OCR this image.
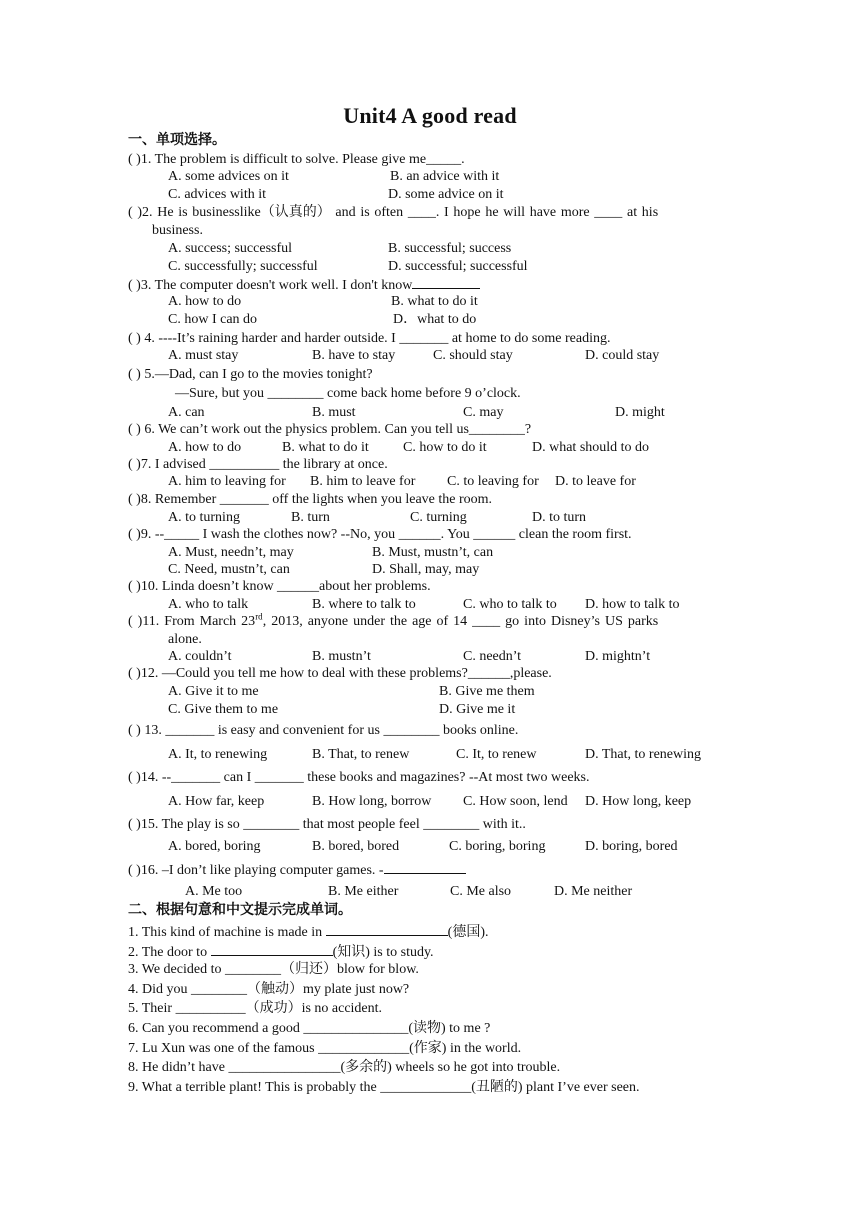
Unit4 A good read
一、单项选择。
( )1. The problem is difficult to solve. Please give me_____.
A. some advices on it	B. an advice with it
C. advices with it	D. some advice on it
( )2. He is businesslike（认真的） and is often ____. I hope he will have more ____ at his
business.
A. success; successful	B. successful; success
C. successfully; successful	D. successful; successful
( )3. The computer doesn't work well. I don't know
A. how to do	B. what to do it
C. how I can do	D．what to do
( ) 4. ----It’s raining harder and harder outside. I _______ at home to do some reading.
A. must stay	B. have to stay	C. should stay	D. could stay
( ) 5.—Dad, can I go to the movies tonight?
—Sure, but you ________ come back home before 9 o’clock.
A. can	B. must	C. may	D. might
( ) 6. We can’t work out the physics problem. Can you tell us________?
A. how to do	B. what to do it C. how to do it	D. what should to do
( )7. I advised __________ the library at once.
A. him to leaving for B. him to leave for C. to leaving for D. to leave for
( )8. Remember _______ off the lights when you leave the room.
A. to turning	B. turn	C. turning	D. to turn
( )9. --_____ I wash the clothes now? --No, you ______. You ______ clean the room first.
A. Must, needn’t, may	B. Must, mustn’t, can
C. Need, mustn’t, can	D. Shall, may, may
( )10. Linda doesn’t know ______about her problems.
A. who to talk	B. where to talk to	C. who to talk to D. how to talk to
( )11. From March 23rd, 2013, anyone under the age of 14 ____ go into Disney’s US parks
alone.
A. couldn’t	B. mustn’t	C. needn’t	D. mightn’t
( )12. —Could you tell me how to deal with these problems?______,please.
A. Give it to me	B. Give me them
C. Give them to me	D. Give me it
( ) 13. _______ is easy and convenient for us ________ books online.
A. It, to renewing	B. That, to renew	C. It, to renew	D. That, to renewing
( )14. --_______ can I _______ these books and magazines? --At most two weeks.
A. How far, keep	B. How long, borrow C. How soon, lend D. How long, keep
( )15. The play is so ________ that most people feel ________ with it..
A. bored, boring	B. bored, bored	C. boring, boring	D. boring, bored
( )16. –I don’t like playing computer games. -
A. Me too	B. Me either	C. Me also	D. Me neither
二、根据句意和中文提示完成单词。
1. This kind of machine is made in	(德国).
2. The door to	(知识) is to study.
3. We decided to ________（归还）blow for blow.
4. Did you ________（触动）my plate just now?
5. Their __________（成功）is no accident.
6. Can you recommend a good _______________(读物) to me ?
7. Lu Xun was one of the famous _____________(作家) in the world.
8. He didn’t have ________________(多余的) wheels so he got into trouble.
9. What a terrible plant! This is probably the _____________(丑陋的) plant I’ve ever seen.
